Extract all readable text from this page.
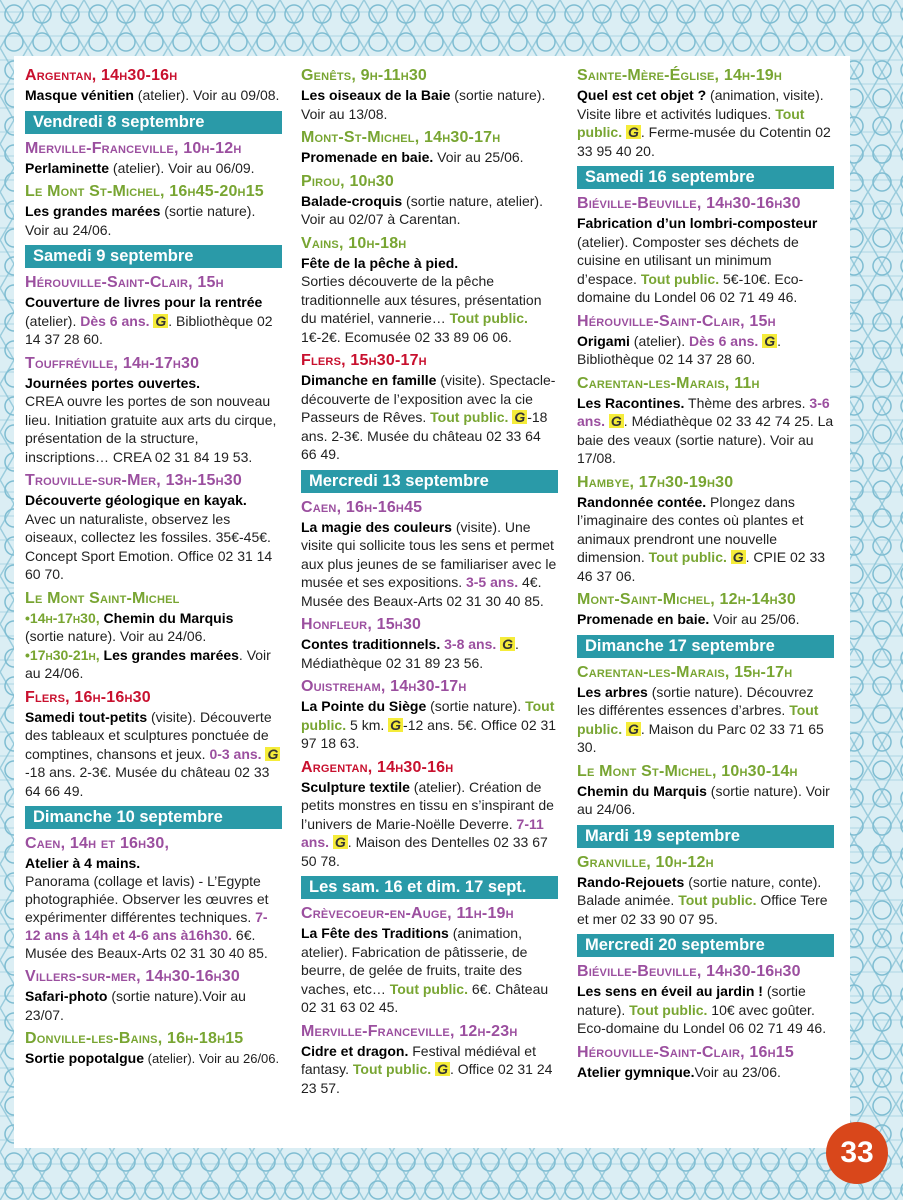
Argentan, 14h30-16h
Masque vénitien (atelier). Voir au 09/08.
Vendredi 8 septembre
Merville-Franceville, 10h-12h
Perlaminette (atelier). Voir au 06/09.
Le Mont St-Michel, 16h45-20h15
Les grandes marées (sortie nature). Voir au 24/06.
Samedi 9 septembre
Hérouville-Saint-Clair, 15h
Couverture de livres pour la rentrée (atelier). Dès 6 ans. G . Bibliothèque 02 14 37 28 60.
Touffréville, 14h-17h30
Journées portes ouvertes.
CREA ouvre les portes de son nouveau lieu. Initiation gratuite aux arts du cirque, présentation de la structure, inscriptions… CREA 02 31 84 19 53.
Trouville-sur-Mer, 13h-15h30
Découverte géologique en kayak.
Avec un naturaliste, observez les oiseaux, collectez les fossiles. 35€-45€. Concept Sport Emotion. Office 02 31 14 60 70.
Le Mont Saint-Michel
•14h-17h30, Chemin du Marquis
(sortie nature). Voir au 24/06.
•17h30-21h, Les grandes marées. Voir au 24/06.
Flers, 16h-16h30
Samedi tout-petits (visite). Découverte des tableaux et sculptures ponctuée de comptines, chansons et jeux. 0-3 ans. G-18 ans. 2-3€. Musée du château 02 33 64 66 49.
Dimanche 10 septembre
Caen, 14h et 16h30,
Atelier à 4 mains.
Panorama (collage et lavis) - L’Egypte photographiée. Observer les œuvres et expérimenter différentes techniques. 7-12 ans à 14h et 4-6 ans à16h30. 6€. Musée des Beaux-Arts 02 31 30 40 85.
Villers-sur-mer, 14h30-16h30
Safari-photo (sortie nature).Voir au 23/07.
Donville-les-Bains, 16h-18h15
Sortie popotalgue (atelier). Voir au 26/06.
Genêts, 9h-11h30
Les oiseaux de la Baie (sortie nature). Voir au 13/08.
Mont-St-Michel, 14h30-17h
Promenade en baie. Voir au 25/06.
Pirou, 10h30
Balade-croquis (sortie nature, atelier). Voir au 02/07 à Carentan.
Vains, 10h-18h
Fête de la pêche à pied.
Sorties découverte de la pêche traditionnelle aux tésures, présentation du matériel, vannerie… Tout public. 1€-2€. Ecomusée 02 33 89 06 06.
Flers, 15h30-17h
Dimanche en famille (visite). Spectacle-découverte de l’exposition avec la cie Passeurs de Rêves. Tout public. G -18 ans. 2-3€. Musée du château 02 33 64 66 49.
Mercredi 13 septembre
Caen, 16h-16h45
La magie des couleurs (visite). Une visite qui sollicite tous les sens et permet aux plus jeunes de se familiariser avec le musée et ses expositions. 3-5 ans. 4€. Musée des Beaux-Arts 02 31 30 40 85.
Honfleur, 15h30
Contes traditionnels. 3-8 ans. G . Médiathèque 02 31 89 23 56.
Ouistreham, 14h30-17h
La Pointe du Siège (sortie nature). Tout public. 5 km. G -12 ans. 5€. Office 02 31 97 18 63.
Argentan, 14h30-16h
Sculpture textile (atelier). Création de petits monstres en tissu en s’inspirant de l’univers de Marie-Noëlle Deverre. 7-11 ans. G . Maison des Dentelles 02 33 67 50 78.
Les sam. 16 et dim. 17 sept.
Crèvecoeur-en-Auge, 11h-19h
La Fête des Traditions (animation, atelier). Fabrication de pâtisserie, de beurre, de gelée de fruits, traite des vaches, etc… Tout public. 6€. Château 02 31 63 02 45.
Merville-Franceville, 12h-23h
Cidre et dragon. Festival médiéval et fantasy. Tout public. G . Office 02 31 24 23 57.
Sainte-Mère-Église, 14h-19h
Quel est cet objet ? (animation, visite). Visite libre et activités ludiques. Tout public. G . Ferme-musée du Cotentin 02 33 95 40 20.
Samedi 16 septembre
Biéville-Beuville, 14h30-16h30
Fabrication d’un lombri-composteur (atelier). Composter ses déchets de cuisine en utilisant un minimum d’espace. Tout public. 5€-10€. Eco-domaine du Londel 06 02 71 49 46.
Hérouville-Saint-Clair, 15h
Origami (atelier). Dès 6 ans. G . Bibliothèque 02 14 37 28 60.
Carentan-les-Marais, 11h
Les Racontines. Thème des arbres. 3-6 ans. G . Médiathèque 02 33 42 74 25. La baie des veaux (sortie nature). Voir au 17/08.
Hambye, 17h30-19h30
Randonnée contée. Plongez dans l’imaginaire des contes où plantes et animaux prendront une nouvelle dimension. Tout public. G . CPIE 02 33 46 37 06.
Mont-Saint-Michel, 12h-14h30
Promenade en baie. Voir au 25/06.
Dimanche 17 septembre
Carentan-les-Marais, 15h-17h
Les arbres (sortie nature). Découvrez les différentes essences d’arbres. Tout public. G . Maison du Parc 02 33 71 65 30.
Le Mont St-Michel, 10h30-14h
Chemin du Marquis (sortie nature). Voir au 24/06.
Mardi 19 septembre
Granville, 10h-12h
Rando-Rejouets (sortie nature, conte). Balade animée. Tout public. Office Tere et mer 02 33 90 07 95.
Mercredi 20 septembre
Biéville-Beuville, 14h30-16h30
Les sens en éveil au jardin ! (sortie nature). Tout public. 10€ avec goûter. Eco-domaine du Londel 06 02 71 49 46.
Hérouville-Saint-Clair, 16h15
Atelier gymnique.Voir au 23/06.
33
